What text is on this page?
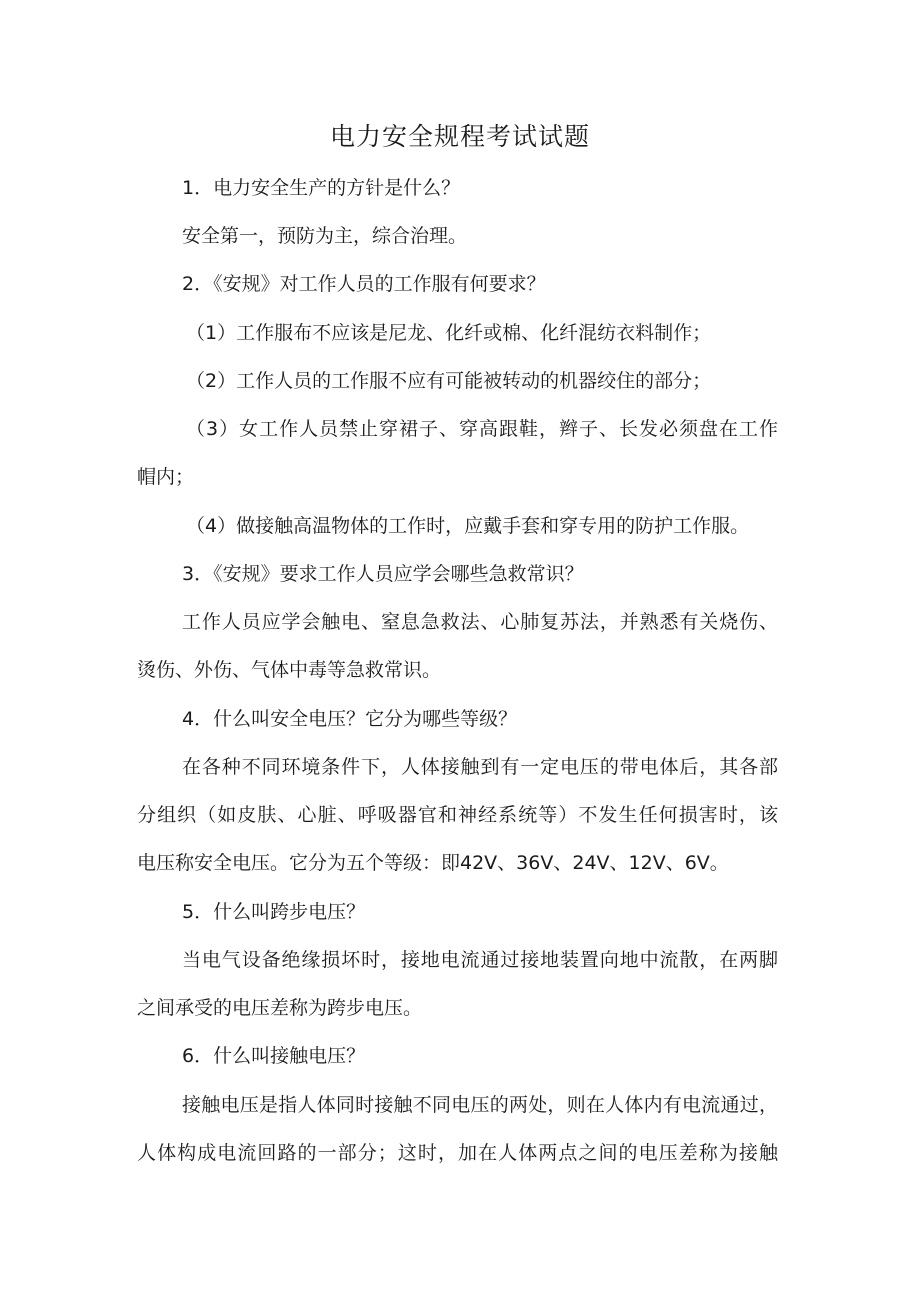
电力安全规程考试试题
1．电力安全生产的方针是什么？
安全第一，预防为主，综合治理。
2．《安规》对工作人员的工作服有何要求？
（1）工作服布不应该是尼龙、化纤或棉、化纤混纺衣料制作；
（2）工作人员的工作服不应有可能被转动的机器绞住的部分；
（3）女工作人员禁止穿裙子、穿高跟鞋，辫子、长发必须盘在工作
帽内；
（4）做接触高温物体的工作时，应戴手套和穿专用的防护工作服。
3．《安规》要求工作人员应学会哪些急救常识？
工作人员应学会触电、窒息急救法、心肺复苏法，并熟悉有关烧伤、
烫伤、外伤、气体中毒等急救常识。
4．什么叫安全电压？它分为哪些等级？
在各种不同环境条件下，人体接触到有一定电压的带电体后，其各部
分组织（如皮肤、心脏、呼吸器官和神经系统等）不发生任何损害时，该
电压称安全电压。它分为五个等级：即42V、36V、24V、12V、6V。
5．什么叫跨步电压？
当电气设备绝缘损坏时，接地电流通过接地装置向地中流散，在两脚
之间承受的电压差称为跨步电压。
6．什么叫接触电压？
接触电压是指人体同时接触不同电压的两处，则在人体内有电流通过，
人体构成电流回路的一部分；这时，加在人体两点之间的电压差称为接触
